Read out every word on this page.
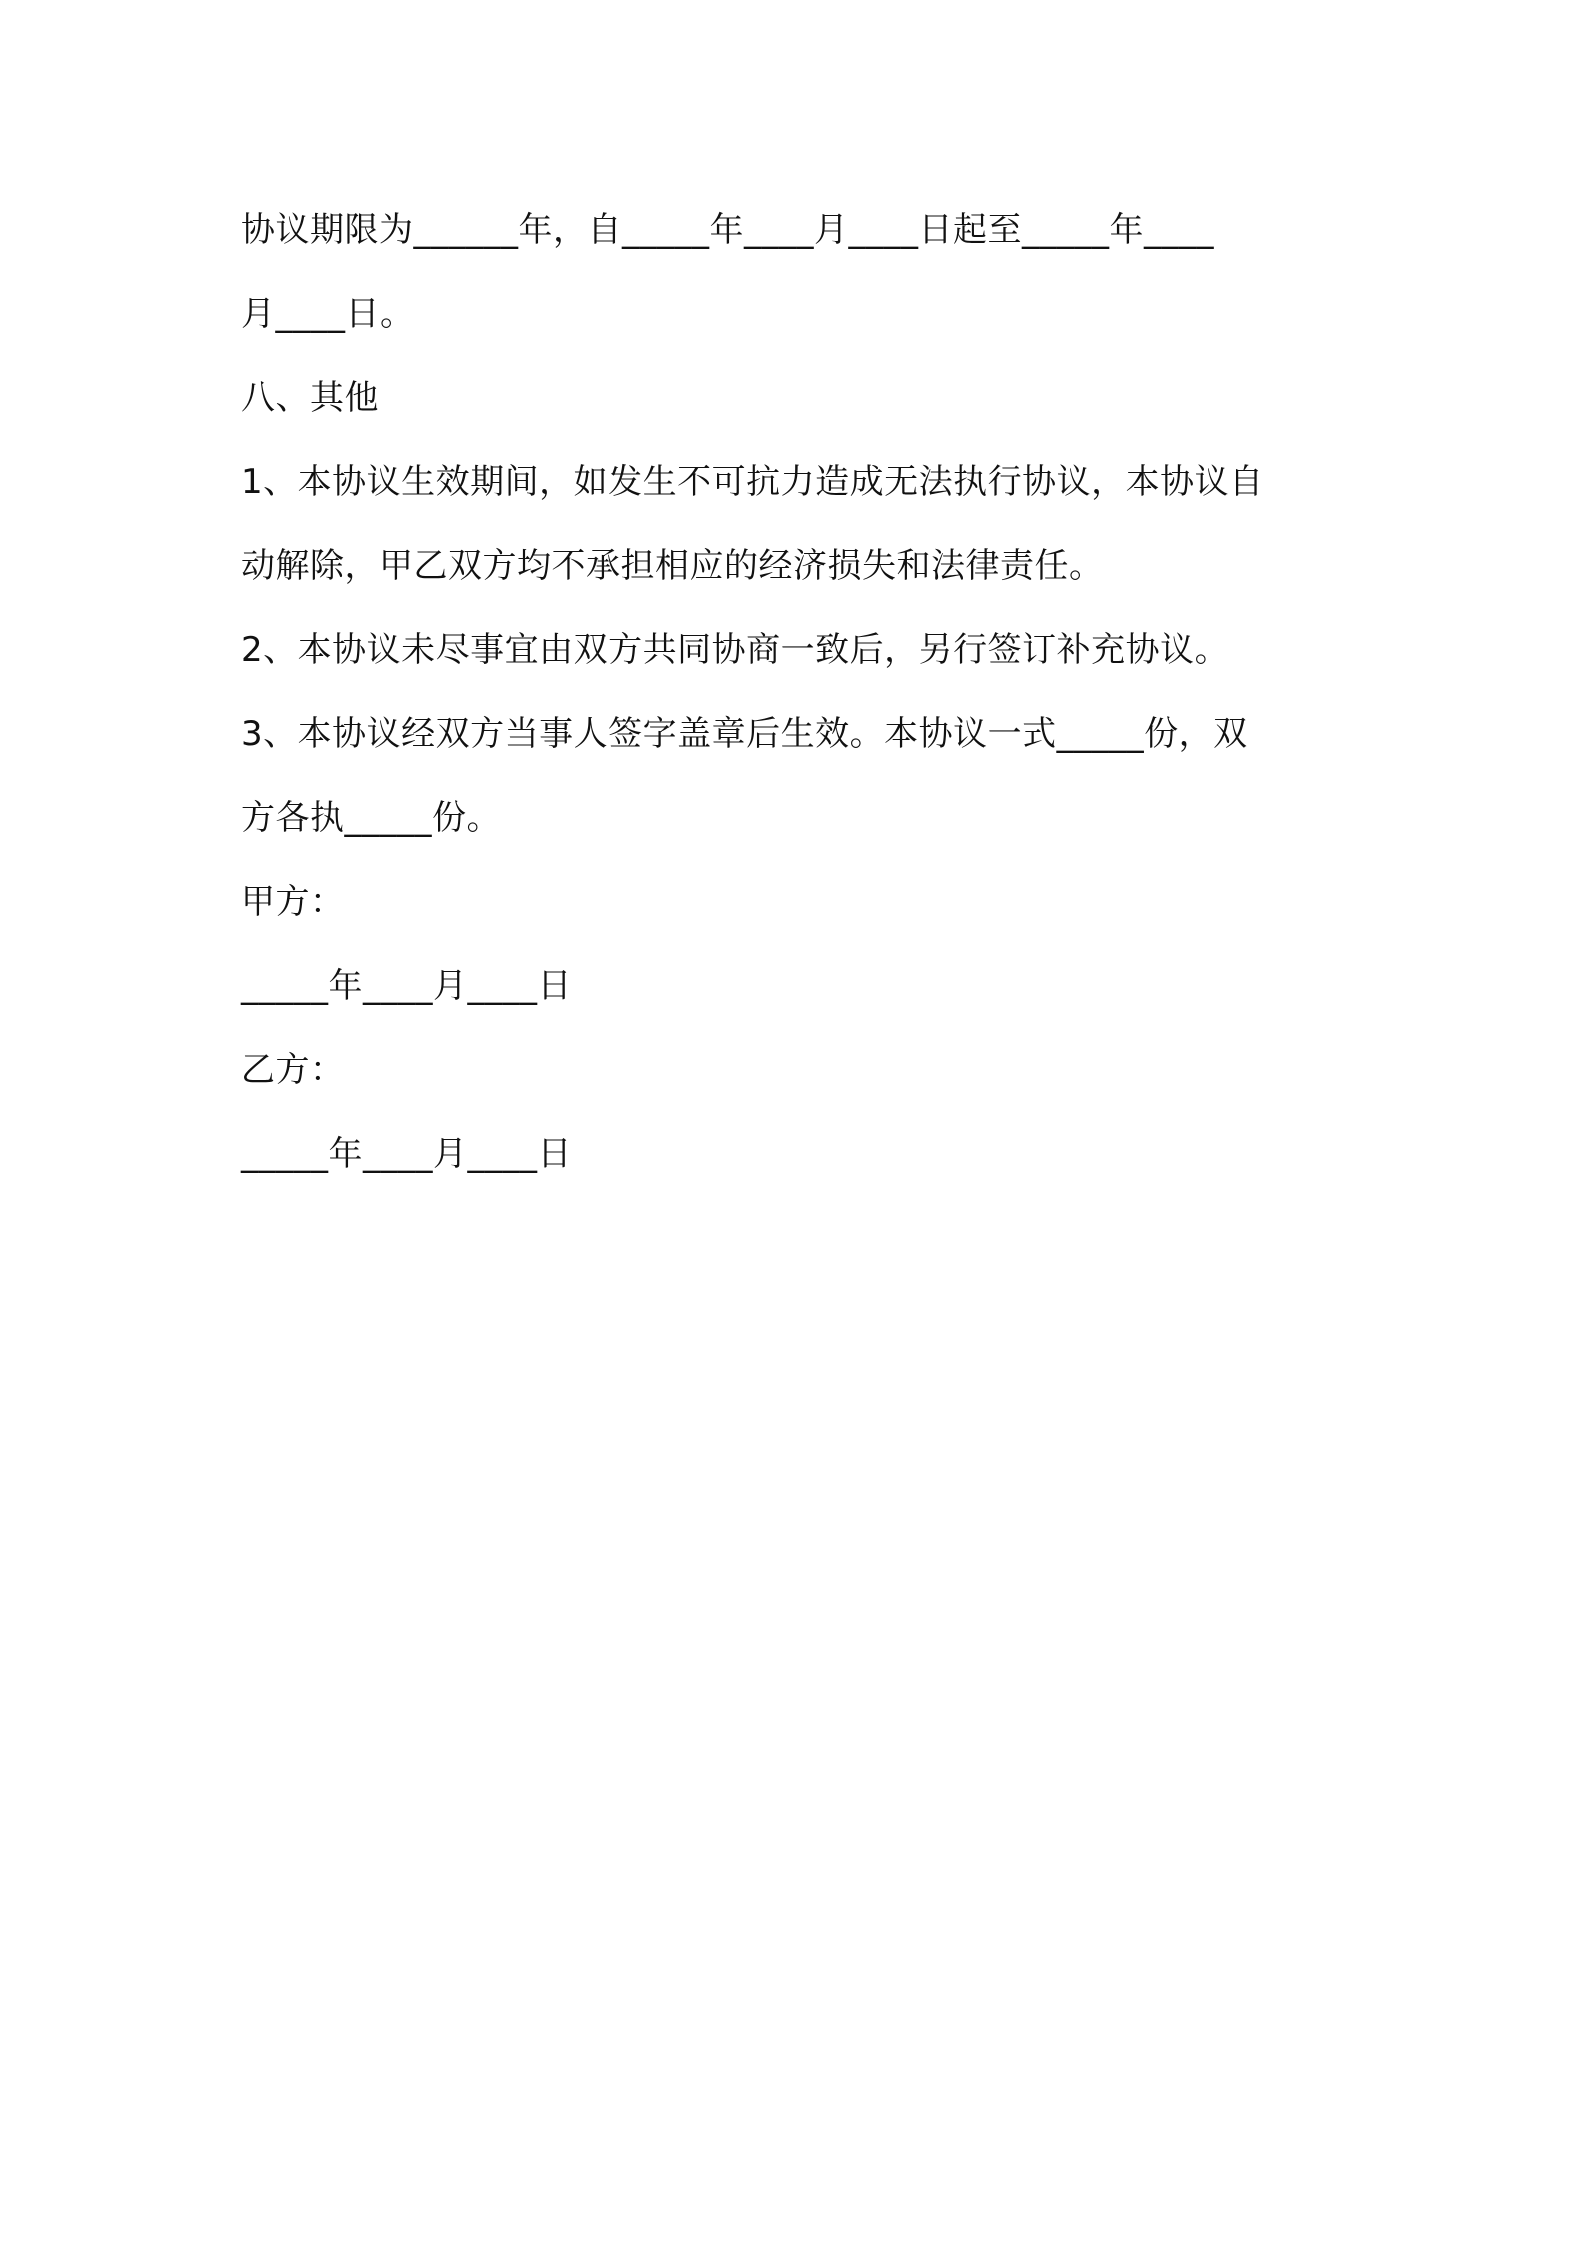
协议期限为______年，自_____年____月____日起至_____年____
月____日。
八、其他
1、本协议生效期间，如发生不可抗力造成无法执行协议，本协议自
动解除，甲乙双方均不承担相应的经济损失和法律责任。
2、本协议未尽事宜由双方共同协商一致后，另行签订补充协议。
3、本协议经双方当事人签字盖章后生效。本协议一式_____份，双
方各执_____份。
甲方：
_____年____月____日
乙方：
_____年____月____日
